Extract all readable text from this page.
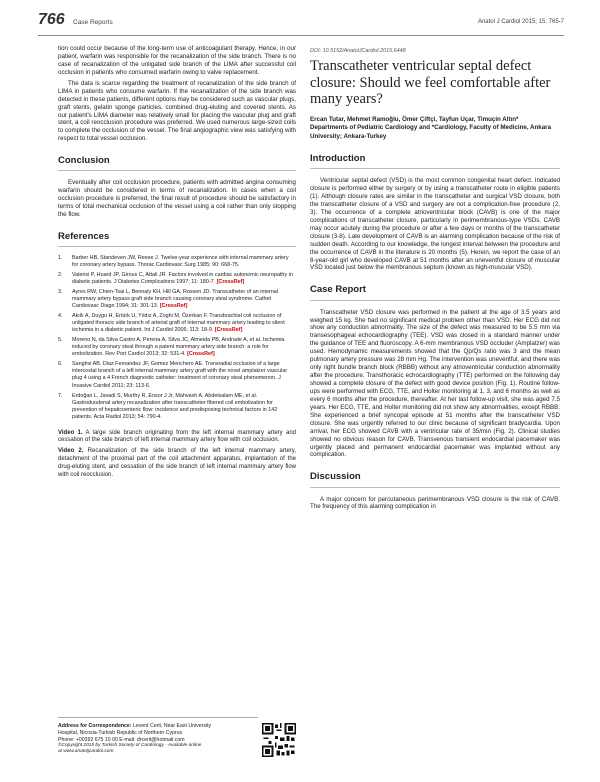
766 Case Reports	Anatol J Cardiol 2015; 15: 765-7

tion could occur because of the long-term use of anticoagulant therapy. Hence, in our patient, warfarin was responsible for the recanalization of the side branch. There is no case of recanalization of the unligated side branch of the LIMA after successful coil occlusion in patients who consumed warfarin owing to valve replacement.

The data is scarce regarding the treatment of recanalization of the side branch of LIMA in patients who consume warfarin. If the recanalization of the side branch was detected in these patients, different options may be considered such as vascular plugs, graft stents, gelatin sponge particles, combined drug-eluting and covered stents. As our patient's LIMA diameter was relatively small for placing the vascular plug and graft stent, a coil reocclusion procedure was preferred. We used numerous large-sized coils to complete the occlusion of the vessel. The final angiographic view was satisfying with respect to total vessel occlusion.

Conclusion

Eventually after coil occlusion procedure, patients with admitted angina consuming warfarin should be considered in terms of recanalization. In cases when a coil occlusion procedure is preferred, the final result of procedure should be satisfactory in terms of total mechanical occlusion of the vessel using a coil rather than only stopping the flow.

References
1. Barber HB, Standeven JW, Reese J. Twelve-year experience with internal mammary artery for coronary artery bypass. Thorac Cardiovasc Surg 1985; 90: 668-75.
2. Valensi P, Huard JP, Giroux C, Attali JR. Factors involved in cardiac autonomic neuropathy in diabetic patients. J Diabetes Complications 1997; 11: 180-7. [CrossRef]
3. Ayres RW, Chien-Tsai L, Bennaly KH, Hill GA, Rossen JD. Transcatheter of an internal mammary artery bypass graft side branch causing coronary steal syndrome. Cathet Cardiovasc Diagn 1994; 31: 301-13. [CrossRef]
4. Akıllı A, Duygu H, Ertürk U, Yıldız A, Zoghi M, Özerkan F. Transbrachial coil occlusion of unligated thoracic side branch of arterial graft of internal mammary artery leading to silent ischemia in a diabetic patient. Int J Cardiol 2006; 113: 18-9. [CrossRef]
5. Moreno N, da Silva Castro A, Pereira A, Silva JC, Almeida PB, Andrade A, et al. Ischemia induced by coronary steal through a patent mammary artery side branch: a role for embolization. Rev Port Cardiol 2013; 32: 531-4. [CrossRef]
6. Sanghvi AB, Diaz Fernandez JF, Gomez Menchero AE. Transradial occlusion of a large intercostal branch of a left internal mammary artery graft with the novel amplatzer vascular plug 4 using a 4 French diagnostic catheter: treatment of coronary steal phenomenon. J Invasive Cardiol 2011; 23: 113-6.
7. Erdoğan L, Javadi S, Murthy R, Ensor J Jr, Mahvash A, Abdelsalam ME, et al. Gastroduodenal artery recanalization after transcatheter fibered coil embolization for prevention of hepaticoenteric flow: incidence and predisposing technical factors in 142 patients. Acta Radiol 2013; 54: 790-4.

Video 1. A large side branch originating from the left internal mammary artery and cessation of the side branch of left internal mammary artery flow with coil occlusion.

Video 2. Recanalization of the side branch of the left internal mammary artery, detachment of the proximal part of the coil attachment apparatus, implantation of the drug-eluting stent, and cessation of the side branch of left internal mammary artery flow with coil reocclusion.

Address for Correspondence: Levent Cerit, Near East University
Hospital, Nicosia-Turkish Republic of Northern Cyprus
Phone: +00392 675 10 00 E-mail: drcerit@hotmail.com
©Copyright 2015 by Turkish Society of Cardiology - Available online
at www.anatoljcardiol.com
DOI: 10.5152/AnatolJCardiol.2015.6448
Transcatheter ventricular septal defect closure: Should we feel comfortable after many years?
Ercan Tutar, Mehmet Ramoğlu, Ömer Çiftçi, Tayfun Uçar, Timuçin Altın*
Departments of Pediatric Cardiology and *Cardiology, Faculty of Medicine, Ankara University; Ankara-Turkey
Introduction

Ventricular septal defect (VSD) is the most common congenital heart defect. Indicated closure is performed either by surgery or by using a transcatheter route in eligible patients (1). Although closure rates are similar in the transcatheter and surgical VSD closure, both the transcatheter closure of a VSD and surgery are not a complication-free procedure (2, 3). The occurrence of a complete atrioventricular block (CAVB) is one of the major complications of transcatheter closure, particularly in perimembranous-type VSDs. CAVB may occur acutely during the procedure or after a few days or months of the transcatheter closure (3-8). Late development of CAVB is an alarming complication because of the risk of sudden death. According to our knowledge, the longest interval between the procedure and the occurrence of CAVB in the literature is 20 months (5). Herein, we report the case of an 8-year-old girl who developed CAVB at 51 months after an uneventful closure of muscular VSD located just below the membranous septum (known as high-muscular VSD).

Case Report

Transcatheter VSD closure was performed in the patient at the age of 3.5 years and weighed 15 kg. She had no significant medical problem other than VSD. Her ECG did not show any conduction abnormality. The size of the defect was measured to be 5.5 mm via transesophageal echocardiography (TEE). VSD was closed in a standard manner under the guidance of TEE and fluoroscopy. A 6-mm membranous VSD occluder (Amplatzer) was used. Hemodynamic measurements showed that the Qp/Qs ratio was 3 and the mean pulmonary artery pressure was 28 mm Hg. The intervention was uneventful, and there was only right bundle branch block (RBBB) without any atrioventricular conduction abnormality after the procedure. Transthoracic echocardiography (TTE) performed on the following day showed a complete closure of the defect with good device position (Fig. 1). Routine follow-ups were performed with ECG, TTE, and Holter monitoring at 1, 3, and 6 months as well as every 6 months after the procedure, thereafter. At her last follow-up visit, she was aged 7.5 years. Her ECG, TTE, and Holter monitoring did not show any abnormalities, except RBBB. She experienced a brief syncopal episode at 51 months after the transcatheter VSD closure. She was urgently referred to our clinic because of significant bradycardia. Upon arrival, her ECG showed CAVB with a ventricular rate of 35/min (Fig. 2). Clinical studies showed no obvious reason for CAVB. Transvenous transient endocardial pacemaker was urgently placed and permanent endocardial pacemaker was implanted without any complication.

Discussion

A major concern for percutaneous perimembranous VSD closure is the risk of CAVB. The frequency of this alarming complication in
